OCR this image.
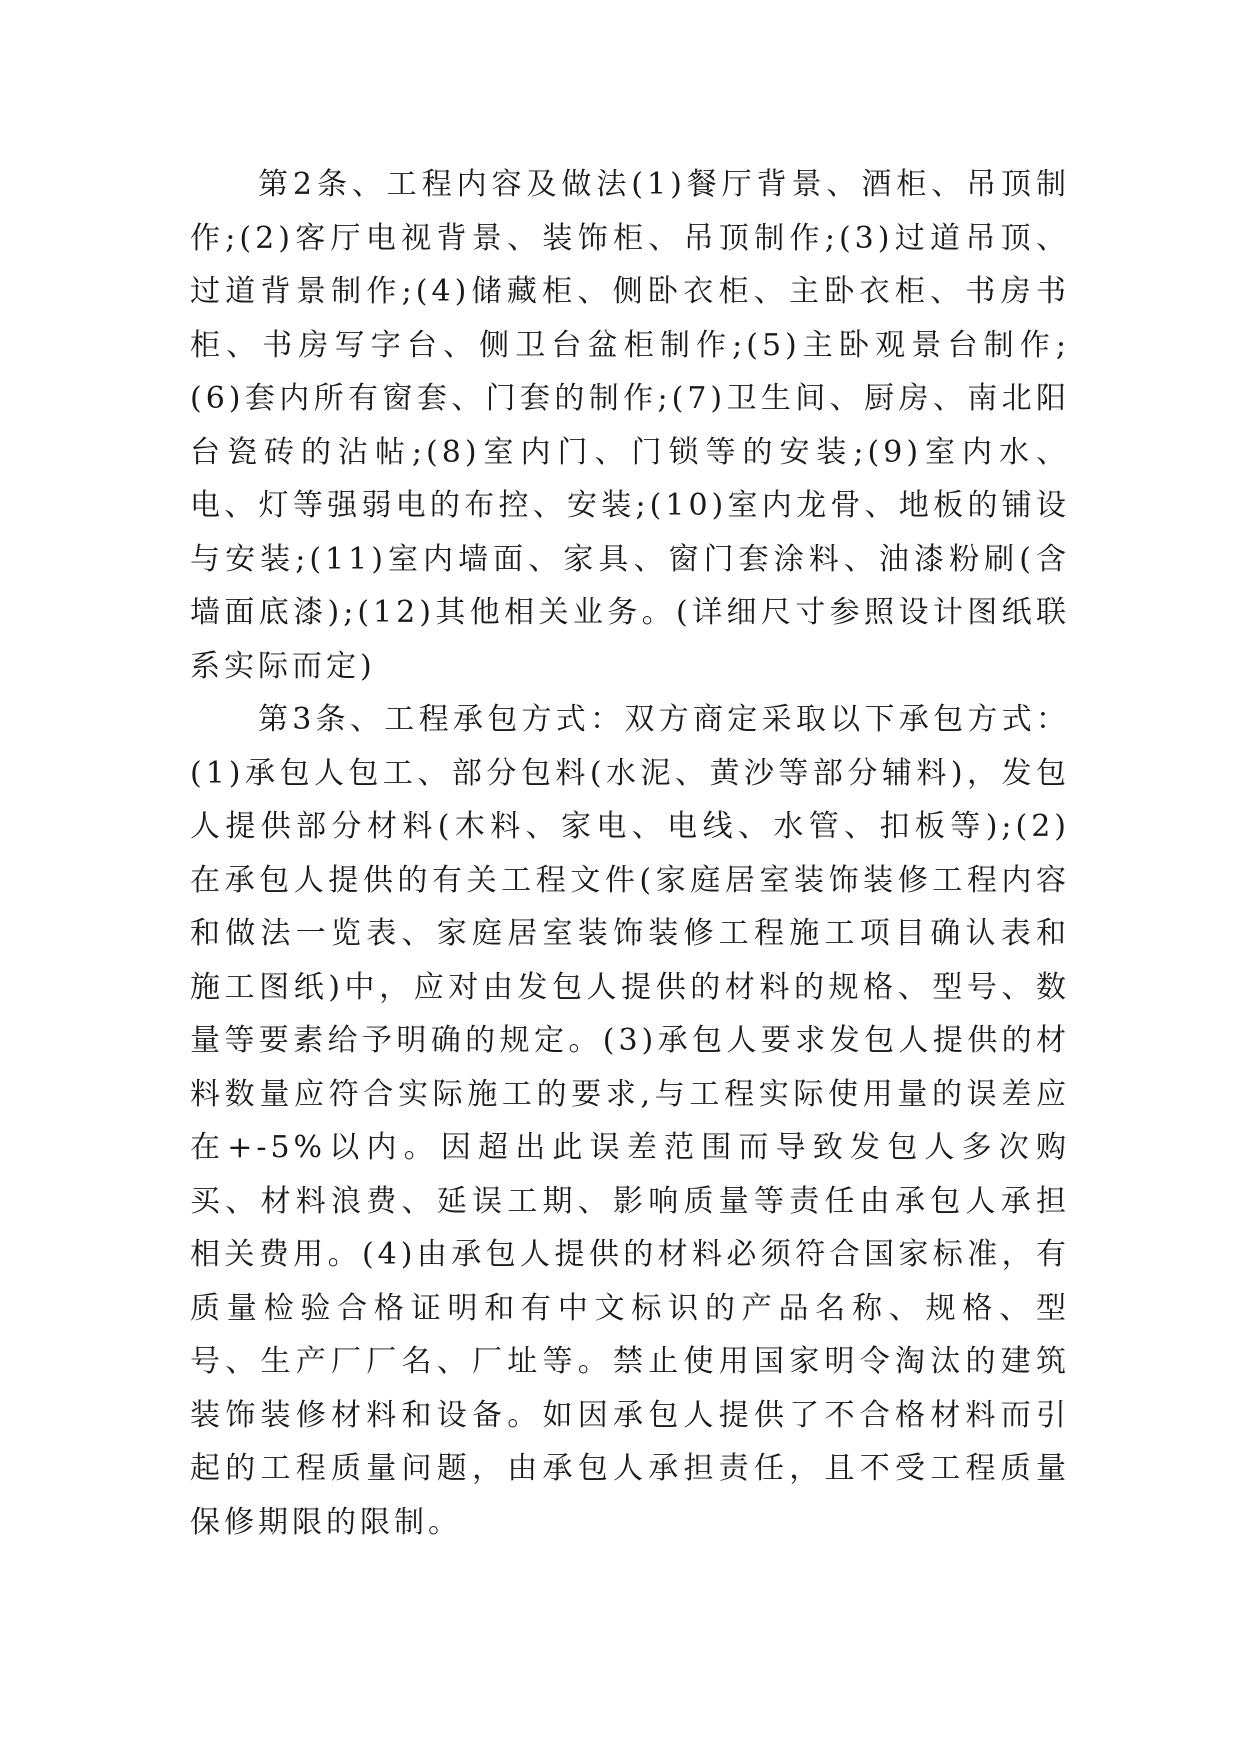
第2条、工程内容及做法(1)餐厅背景、酒柜、吊顶制作;(2)客厅电视背景、装饰柜、吊顶制作;(3)过道吊顶、过道背景制作;(4)储藏柜、侧卧衣柜、主卧衣柜、书房书柜、书房写字台、侧卫台盆柜制作;(5)主卧观景台制作;(6)套内所有窗套、门套的制作;(7)卫生间、厨房、南北阳台瓷砖的沾帖;(8)室内门、门锁等的安装;(9)室内水、电、灯等强弱电的布控、安装;(10)室内龙骨、地板的铺设与安装;(11)室内墙面、家具、窗门套涂料、油漆粉刷(含墙面底漆);(12)其他相关业务。(详细尺寸参照设计图纸联系实际而定)

第3条、工程承包方式：双方商定采取以下承包方式：(1)承包人包工、部分包料(水泥、黄沙等部分辅料)，发包人提供部分材料(木料、家电、电线、水管、扣板等);(2)在承包人提供的有关工程文件(家庭居室装饰装修工程内容和做法一览表、家庭居室装饰装修工程施工项目确认表和施工图纸)中，应对由发包人提供的材料的规格、型号、数量等要素给予明确的规定。(3)承包人要求发包人提供的材料数量应符合实际施工的要求,与工程实际使用量的误差应在+-5%以内。因超出此误差范围而导致发包人多次购买、材料浪费、延误工期、影响质量等责任由承包人承担相关费用。(4)由承包人提供的材料必须符合国家标准，有质量检验合格证明和有中文标识的产品名称、规格、型号、生产厂厂名、厂址等。禁止使用国家明令淘汰的建筑装饰装修材料和设备。如因承包人提供了不合格材料而引起的工程质量问题，由承包人承担责任，且不受工程质量保修期限的限制。
